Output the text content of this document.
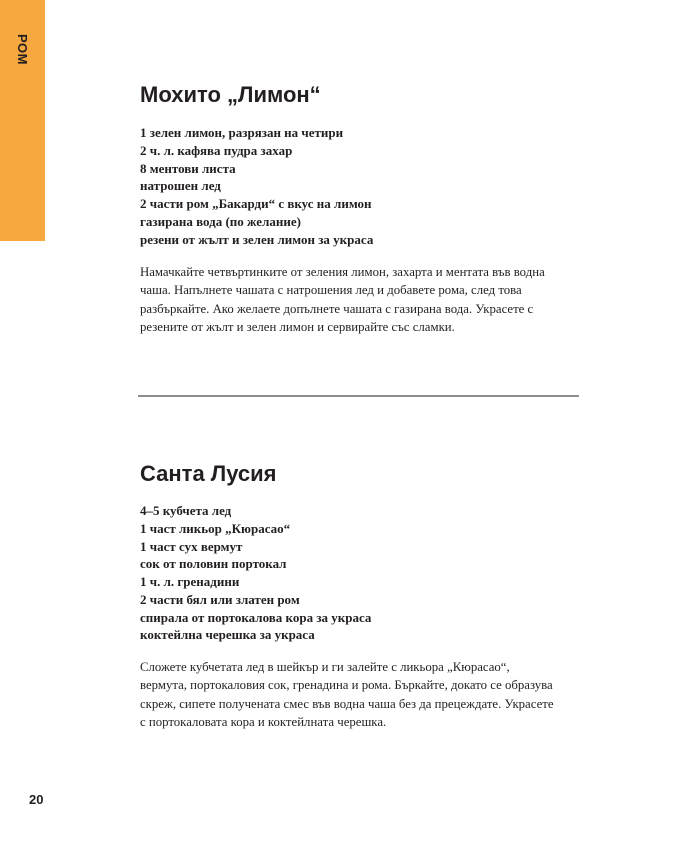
РОМ
Мохито „Лимон“
1 зелен лимон, разрязан на четири
2 ч. л. кафява пудра захар
8 ментови листа
натрошен лед
2 части ром „Бакарди“ с вкус на лимон
газирана вода (по желание)
резени от жълт и зелен лимон за украса

Намачкайте четвъртинките от зеления лимон, захарта и ментата във водна
чаша. Напълнете чашата с натрошения лед и добавете рома, след това
разбъркайте. Ако желаете допълнете чашата с газирана вода. Украсете с
резените от жълт и зелен лимон и сервирайте със сламки.

Санта Лусия
4–5 кубчета лед
1 част ликьор „Кюрасао“
1 част сух вермут
сок от половин портокал
1 ч. л. гренадини
2 части бял или златен ром
спирала от портокалова кора за украса
коктейлна черешка за украса

Сложете кубчетата лед в шейкър и ги залейте с ликьора „Кюрасао“,
вермута, портокаловия сок, гренадина и рома. Бъркайте, докато се образува
скреж, сипете получената смес във водна чаша без да прецеждате. Украсете
с портокаловата кора и коктейлната черешка.

20
